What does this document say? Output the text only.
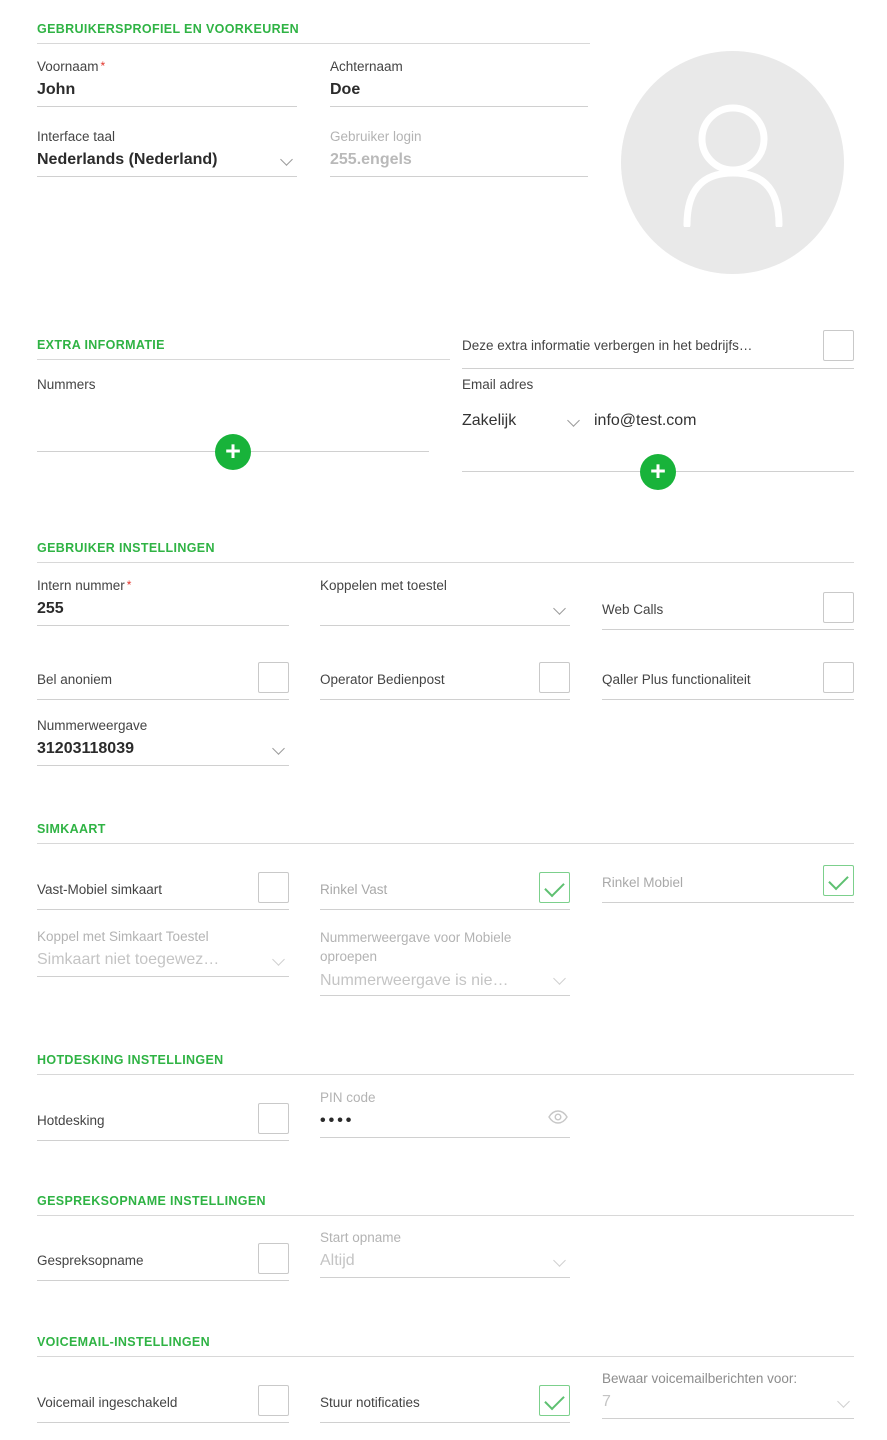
GEBRUIKERSPROFIEL EN VOORKEUREN
Voornaam *
John
Achternaam
Doe
Interface taal
Nederlands (Nederland)
Gebruiker login
255.engels
EXTRA INFORMATIE	Deze extra informatie verbergen in het bedrijfs…
Nummers
+
Email adres
Zakelijk	info@test.com
+
GEBRUIKER INSTELLINGEN
Intern nummer *
255
Koppelen met toestel
Web Calls
Bel anoniem	Operator Bedienpost	Qaller Plus functionaliteit
Nummerweergave
31203118039
SIMKAART
Vast-Mobiel simkaart	Rinkel Vast	Rinkel Mobiel
Koppel met Simkaart Toestel
Simkaart niet toegewez…
Nummerweergave voor Mobiele oproepen
Nummerweergave is nie…
HOTDESKING INSTELLINGEN
Hotdesking
PIN code
••••
GESPREKSOPNAME INSTELLINGEN
Gespreksopname
Start opname
Altijd
VOICEMAIL-INSTELLINGEN
Voicemail ingeschakeld	Stuur notificaties
Bewaar voicemailberichten voor:
7
